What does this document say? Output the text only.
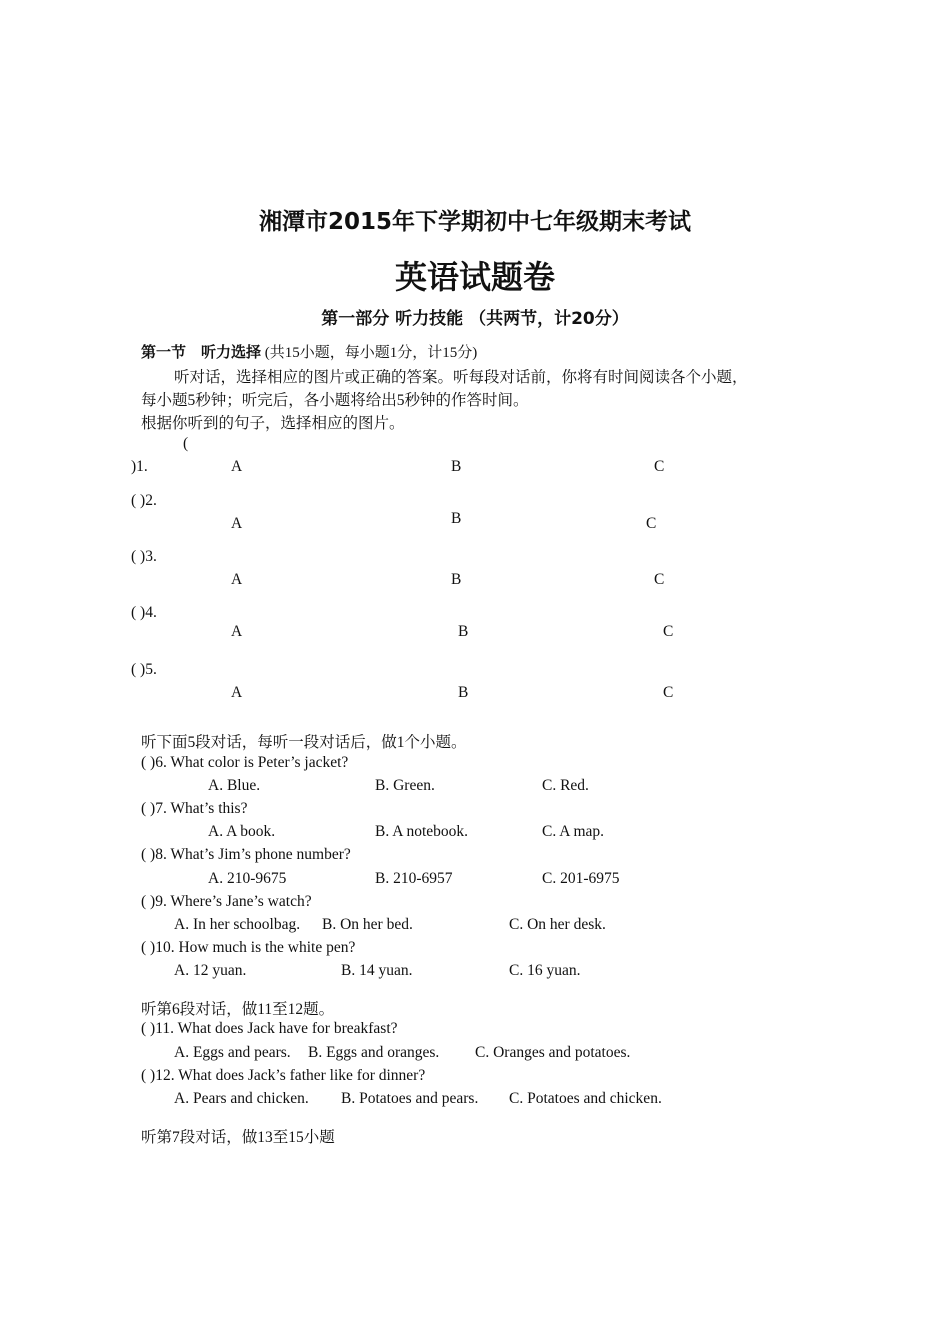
湘潭市2015年下学期初中七年级期末考试
英语试题卷
第一部分 听力技能 （共两节，计20分）
第一节　听力选择 (共15小题，每小题1分，计15分)
听对话，选择相应的图片或正确的答案。听每段对话前，你将有时间阅读各个小题，
每小题5秒钟；听完后，各小题将给出5秒钟的作答时间。
根据你听到的句子，选择相应的图片。
(
)1.	A	B	C
( )2.
A	B	C
( )3.
A	B	C
( )4.
A	B	C
( )5.
A	B	C
听下面5段对话，每听一段对话后，做1个小题。
( )6. What color is Peter’s jacket?
A. Blue.	B. Green.	C. Red.
( )7. What’s this?
A. A book.	B. A notebook.	C. A map.
( )8. What’s Jim’s phone number?
A. 210-9675	B. 210-6957	C. 201-6975
( )9. Where’s Jane’s watch?
A. In her schoolbag. B. On her bed.	C. On her desk.
( )10. How much is the white pen?
A. 12 yuan.	B. 14 yuan.	C. 16 yuan.
听第6段对话，做11至12题。
( )11. What does Jack have for breakfast?
A. Eggs and pears. B. Eggs and oranges. C. Oranges and potatoes.
( )12. What does Jack’s father like for dinner?
A. Pears and chicken. B. Potatoes and pears. C. Potatoes and chicken.
听第7段对话，做13至15小题
